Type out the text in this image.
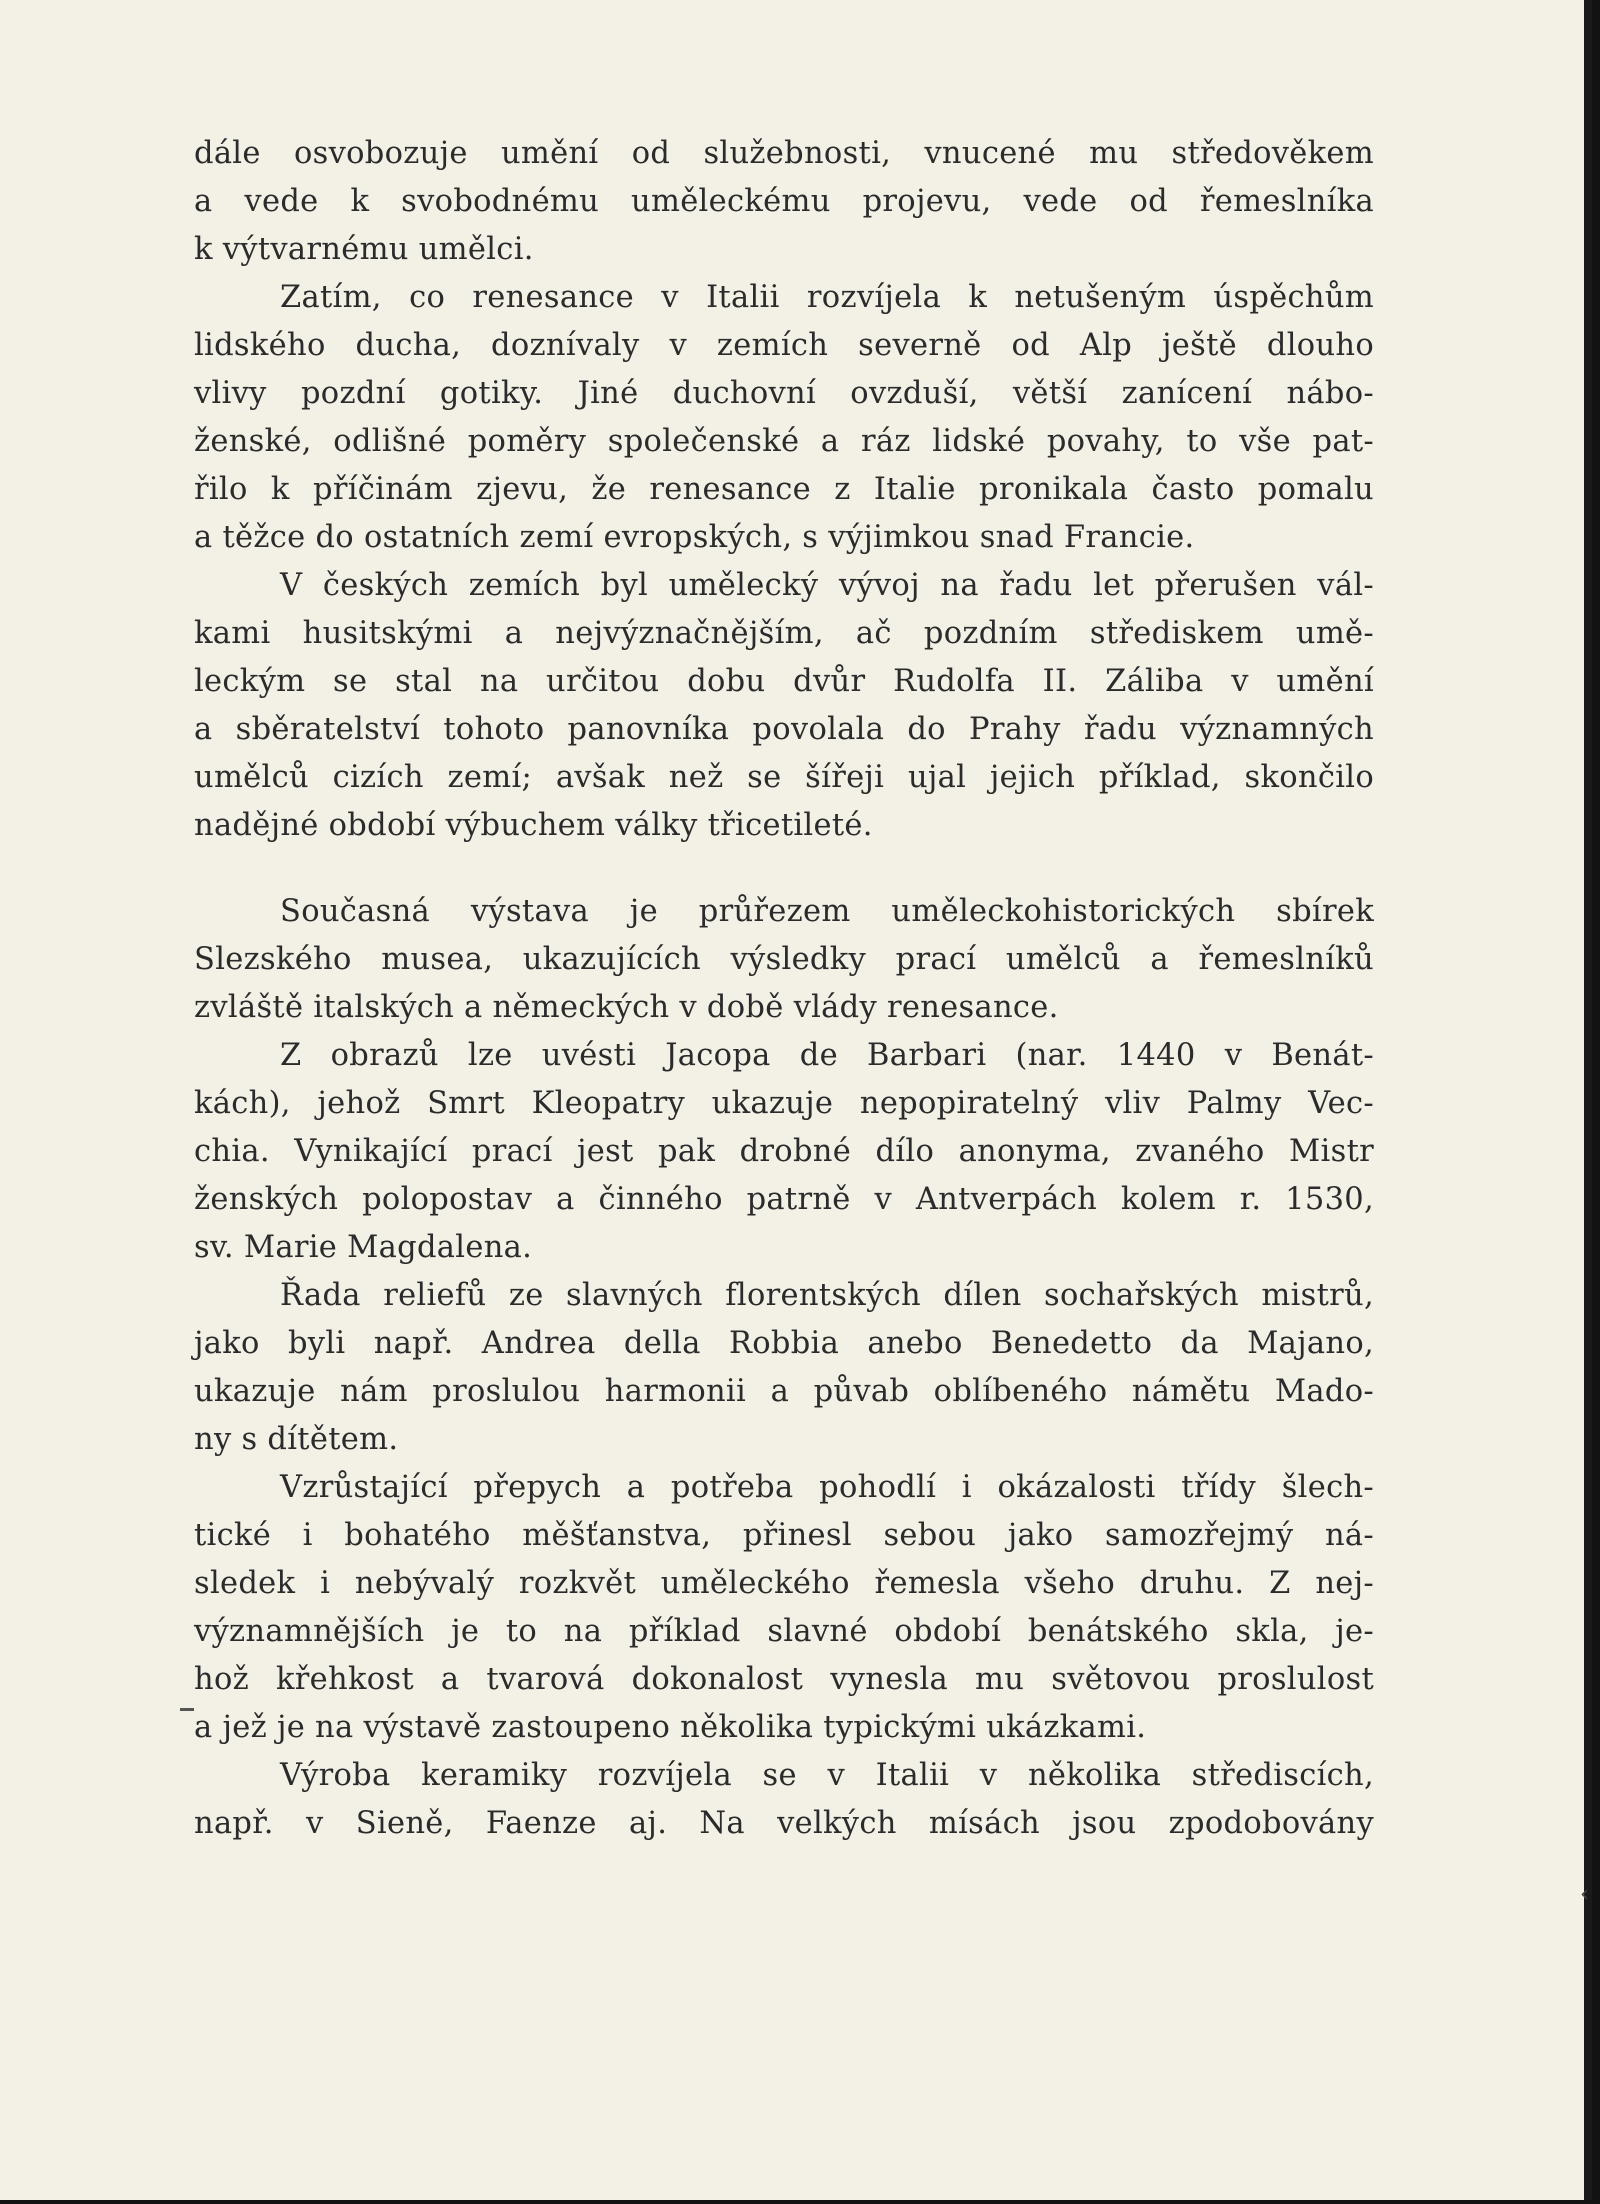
dále osvobozuje umění od služebnosti, vnucené mu středověkem
a vede k svobodnému uměleckému projevu, vede od řemeslníka
k výtvarnému umělci.
Zatím, co renesance v Italii rozvíjela k netušeným úspěchům
lidského ducha, doznívaly v zemích severně od Alp ještě dlouho
vlivy pozdní gotiky. Jiné duchovní ovzduší, větší zanícení nábo-
ženské, odlišné poměry společenské a ráz lidské povahy, to vše pat-
řilo k příčinám zjevu, že renesance z Italie pronikala často pomalu
a těžce do ostatních zemí evropských, s výjimkou snad Francie.
V českých zemích byl umělecký vývoj na řadu let přerušen vál-
kami husitskými a nejvýznačnějším, ač pozdním střediskem umě-
leckým se stal na určitou dobu dvůr Rudolfa II. Záliba v umění
a sběratelství tohoto panovníka povolala do Prahy řadu významných
umělců cizích zemí; avšak než se šířeji ujal jejich příklad, skončilo
nadějné období výbuchem války třicetileté.
Současná výstava je průřezem uměleckohistorických sbírek
Slezského musea, ukazujících výsledky prací umělců a řemeslníků
zvláště italských a německých v době vlády renesance.
Z obrazů lze uvésti Jacopa de Barbari (nar. 1440 v Benát-
kách), jehož Smrt Kleopatry ukazuje nepopiratelný vliv Palmy Vec-
chia. Vynikající prací jest pak drobné dílo anonyma, zvaného Mistr
ženských polopostav a činného patrně v Antverpách kolem r. 1530,
sv. Marie Magdalena.
Řada reliefů ze slavných florentských dílen sochařských mistrů,
jako byli např. Andrea della Robbia anebo Benedetto da Majano,
ukazuje nám proslulou harmonii a půvab oblíbeného námětu Mado-
ny s dítětem.
Vzrůstající přepych a potřeba pohodlí i okázalosti třídy šlech-
tické i bohatého měšťanstva, přinesl sebou jako samozřejmý ná-
sledek i nebývalý rozkvět uměleckého řemesla všeho druhu. Z nej-
významnějších je to na příklad slavné období benátského skla, je-
hož křehkost a tvarová dokonalost vynesla mu světovou proslulost
a jež je na výstavě zastoupeno několika typickými ukázkami.
Výroba keramiky rozvíjela se v Italii v několika střediscích,
např. v Sieně, Faenze aj. Na velkých mísách jsou zpodobovány
‹
